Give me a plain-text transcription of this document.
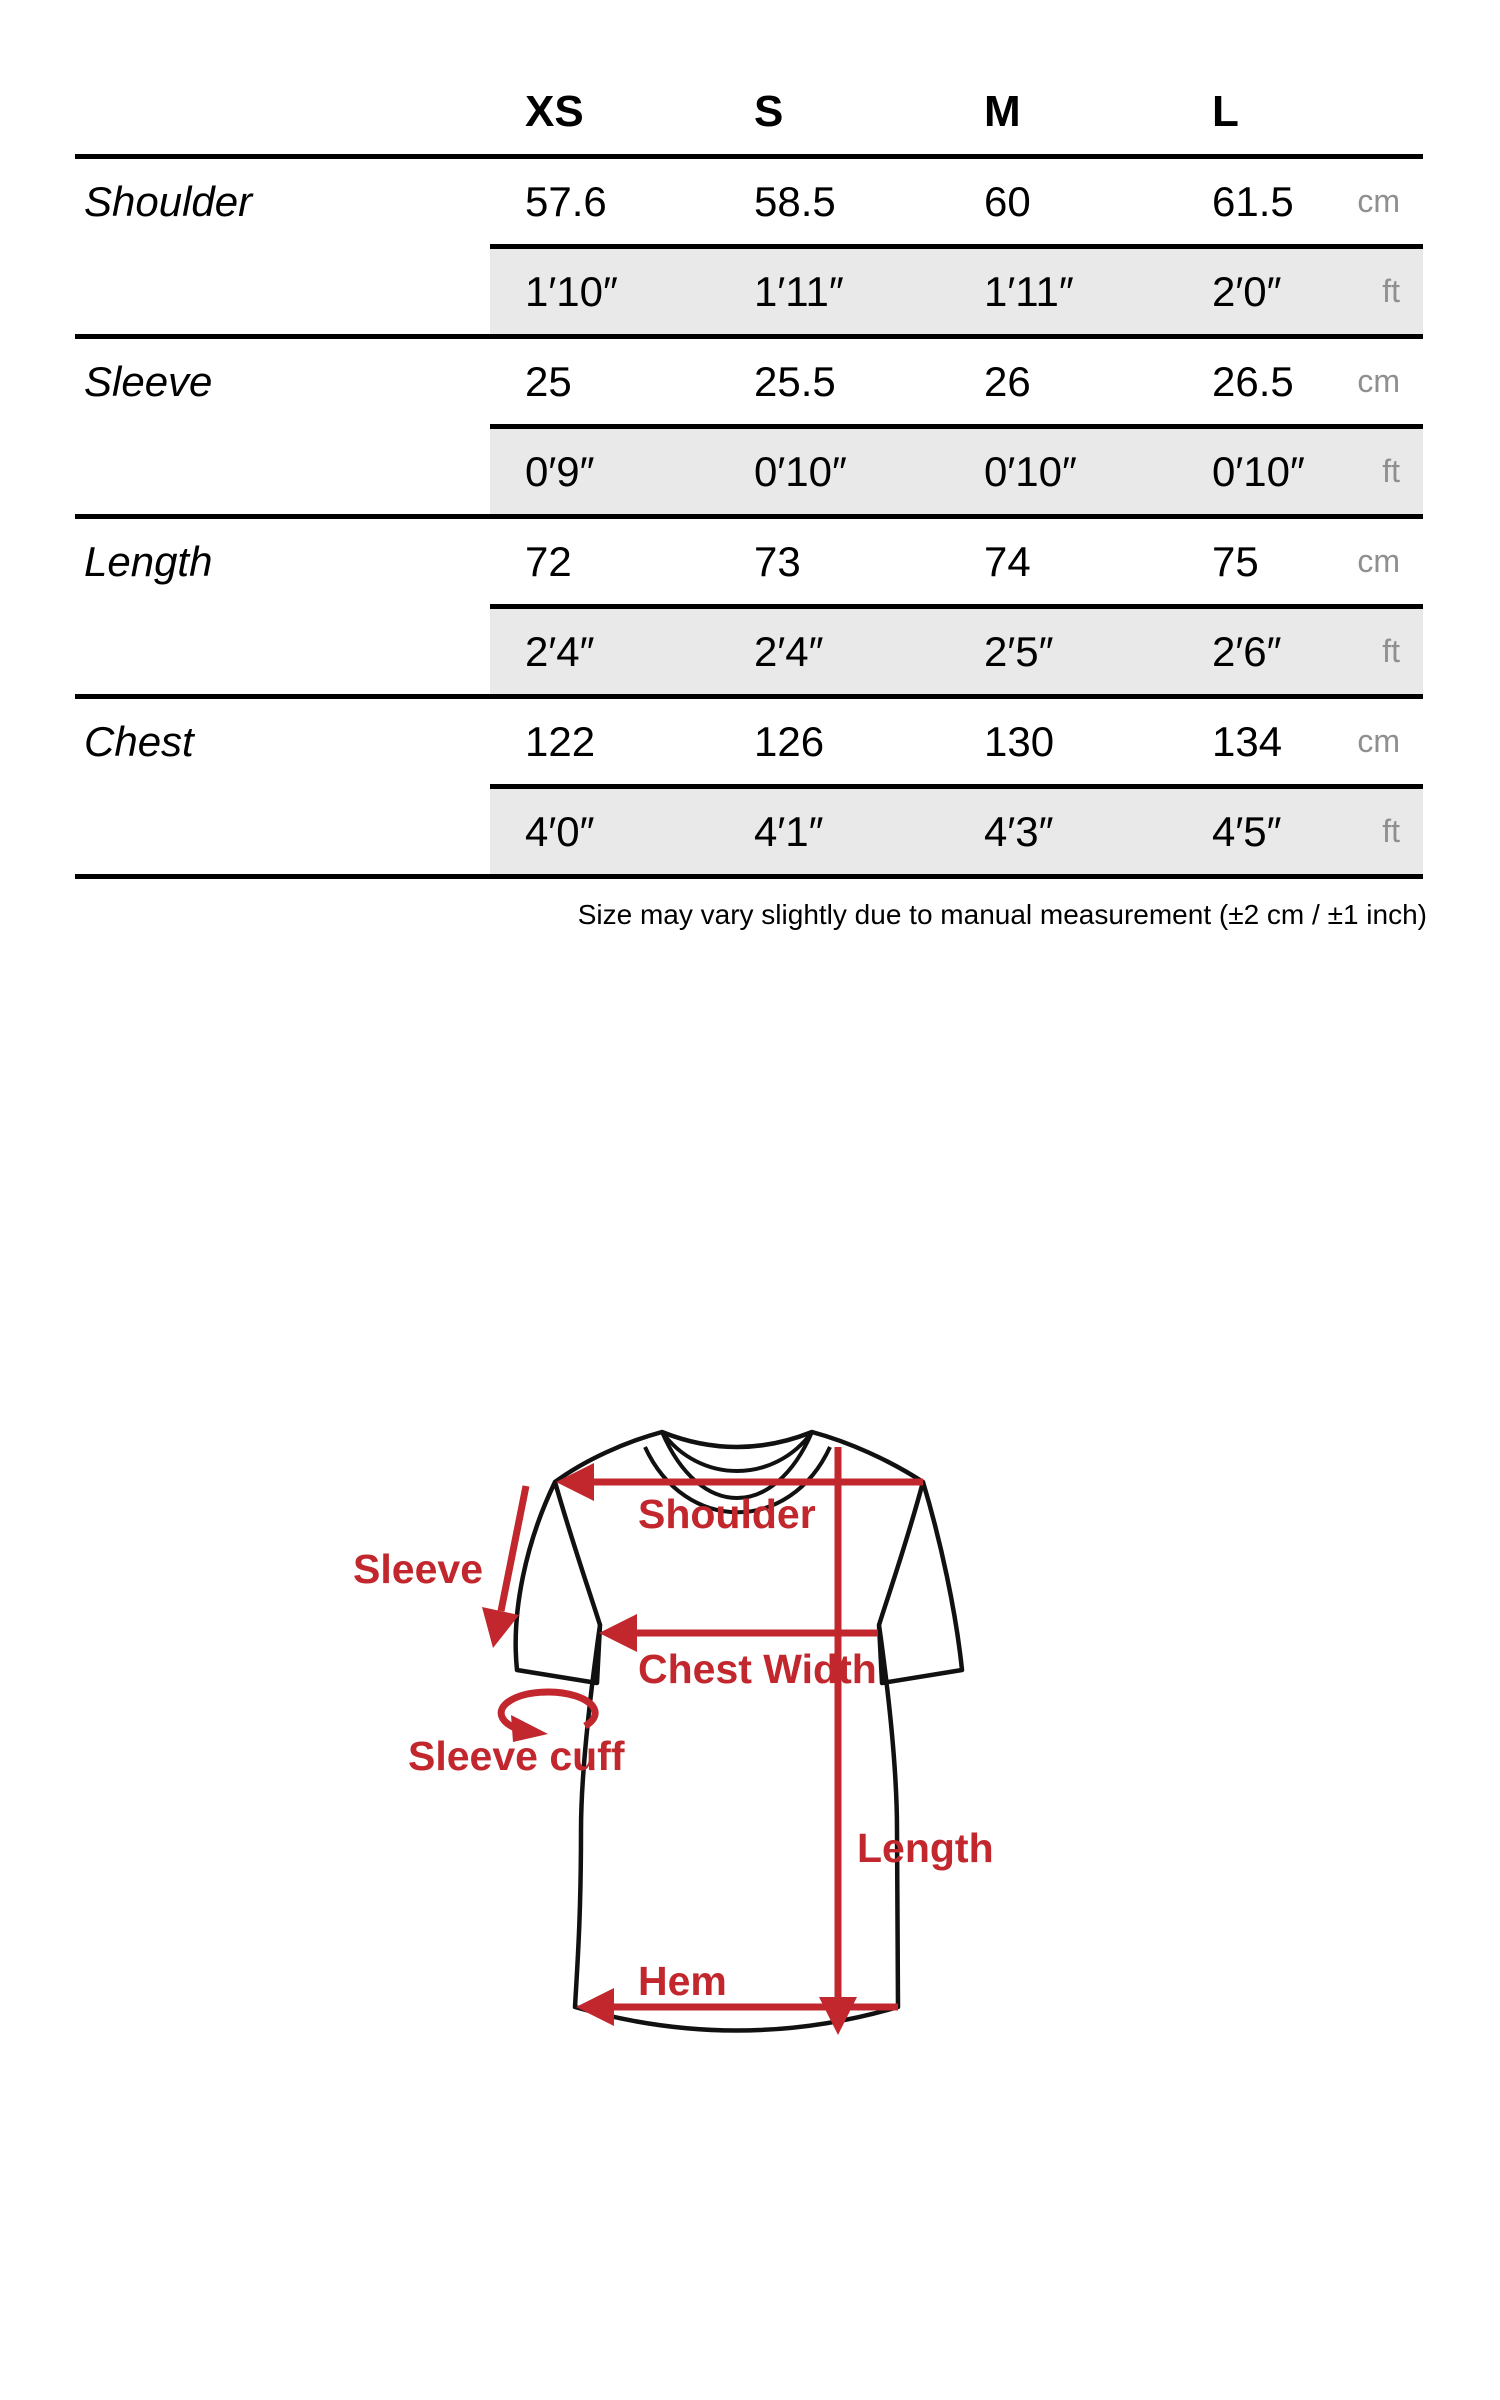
XS	S	M	L
Shoulder	57.6	58.5	60	61.5	cm
1′10″	1′11″	1′11″	2′0″	ft
Sleeve	25	25.5	26	26.5	cm
0′9″	0′10″	0′10″	0′10″	ft
Length	72	73	74	75	cm
2′4″	2′4″	2′5″	2′6″	ft
Chest	122	126	130	134	cm
4′0″	4′1″	4′3″	4′5″	ft
Size may vary slightly due to manual measurement (±2 cm / ±1 inch)
Shoulder
Sleeve
Chest Width
Sleeve cuff
Length
Hem
